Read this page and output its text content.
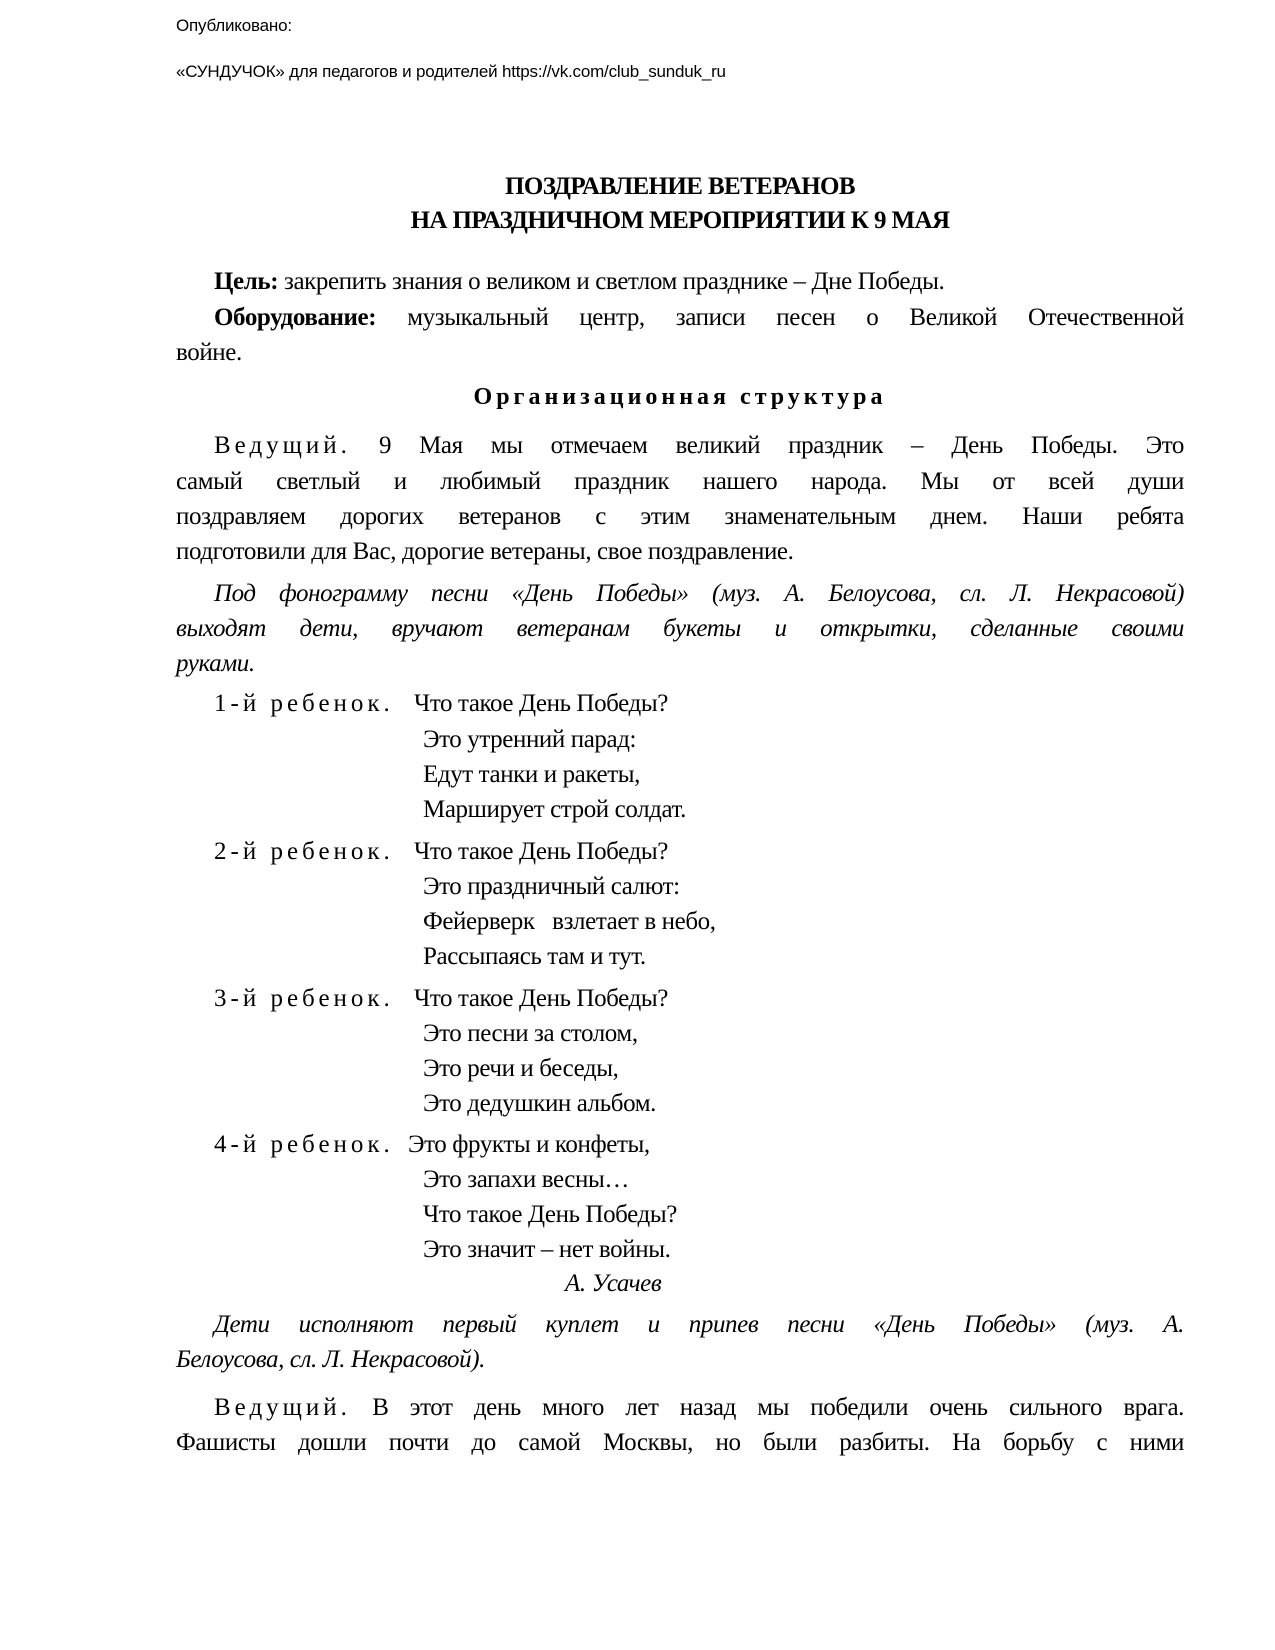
Опубликовано:
«СУНДУЧОК» для педагогов и родителей https://vk.com/club_sunduk_ru
ПОЗДРАВЛЕНИЕ ВЕТЕРАНОВ
НА ПРАЗДНИЧНОМ МЕРОПРИЯТИИ К 9 МАЯ
Цель: закрепить знания о великом и светлом празднике – Дне Победы.
Оборудование: музыкальный центр, записи песен о Великой Отечественной
войне.
Организационная структура
Ведущий. 9 Мая мы отмечаем великий праздник – День Победы. Это
самый светлый и любимый праздник нашего народа. Мы от всей души
поздравляем дорогих ветеранов с этим знаменательным днем. Наши ребята
подготовили для Вас, дорогие ветераны, свое поздравление.
Под фонограмму песни «День Победы» (муз. А. Белоусова, сл. Л. Некрасовой)
выходят дети, вручают ветеранам букеты и открытки, сделанные своими
руками.
1-й ребенок. Что такое День Победы?
Это утренний парад:
Едут танки и ракеты,
Марширует строй солдат.
2-й ребенок. Что такое День Победы?
Это праздничный салют:
Фейерверк   взлетает в небо,
Рассыпаясь там и тут.
3-й ребенок. Что такое День Победы?
Это песни за столом,
Это речи и беседы,
Это дедушкин альбом.
4-й ребенок. Это фрукты и конфеты,
Это запахи весны…
Что такое День Победы?
Это значит – нет войны.
А. Усачев
Дети исполняют первый куплет и припев песни «День Победы» (муз. А.
Белоусова, сл. Л. Некрасовой).
Ведущий. В этот день много лет назад мы победили очень сильного врага.
Фашисты дошли почти до самой Москвы, но были разбиты. На борьбу с ними
